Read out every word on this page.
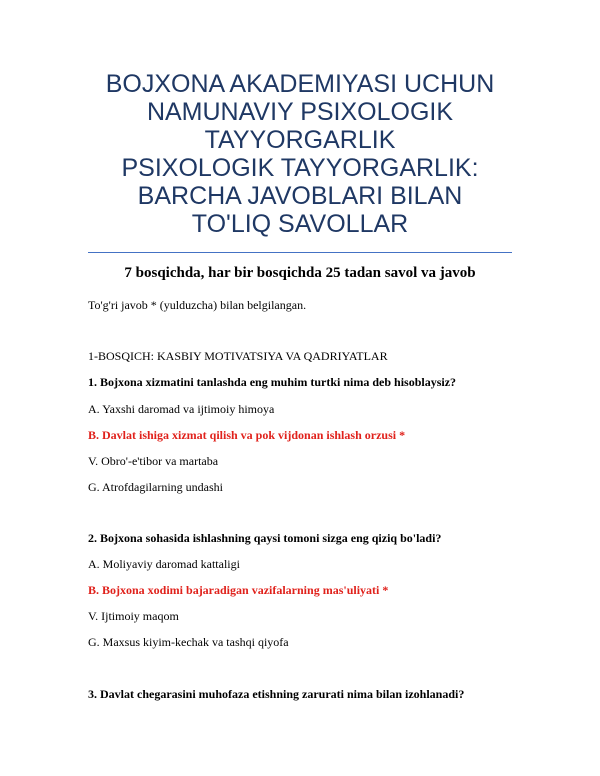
BOJXONA AKADEMIYASI UCHUN
NAMUNAVIY PSIXOLOGIK
TAYYORGARLIK
PSIXOLOGIK TAYYORGARLIK:
BARCHA JAVOBLARI BILAN
TO'LIQ SAVOLLAR
7 bosqichda, har bir bosqichda 25 tadan savol va javob
To'g'ri javob * (yulduzcha) bilan belgilangan.
1-BOSQICH: KASBIY MOTIVATSIYA VA QADRIYATLAR
1. Bojxona xizmatini tanlashda eng muhim turtki nima deb hisoblaysiz?
A. Yaxshi daromad va ijtimoiy himoya
B. Davlat ishiga xizmat qilish va pok vijdonan ishlash orzusi *
V. Obro'-e'tibor va martaba
G. Atrofdagilarning undashi
2. Bojxona sohasida ishlashning qaysi tomoni sizga eng qiziq bo'ladi?
A. Moliyaviy daromad kattaligi
B. Bojxona xodimi bajaradigan vazifalarning mas'uliyati *
V. Ijtimoiy maqom
G. Maxsus kiyim-kechak va tashqi qiyofa
3. Davlat chegarasini muhofaza etishning zarurati nima bilan izohlanadi?
